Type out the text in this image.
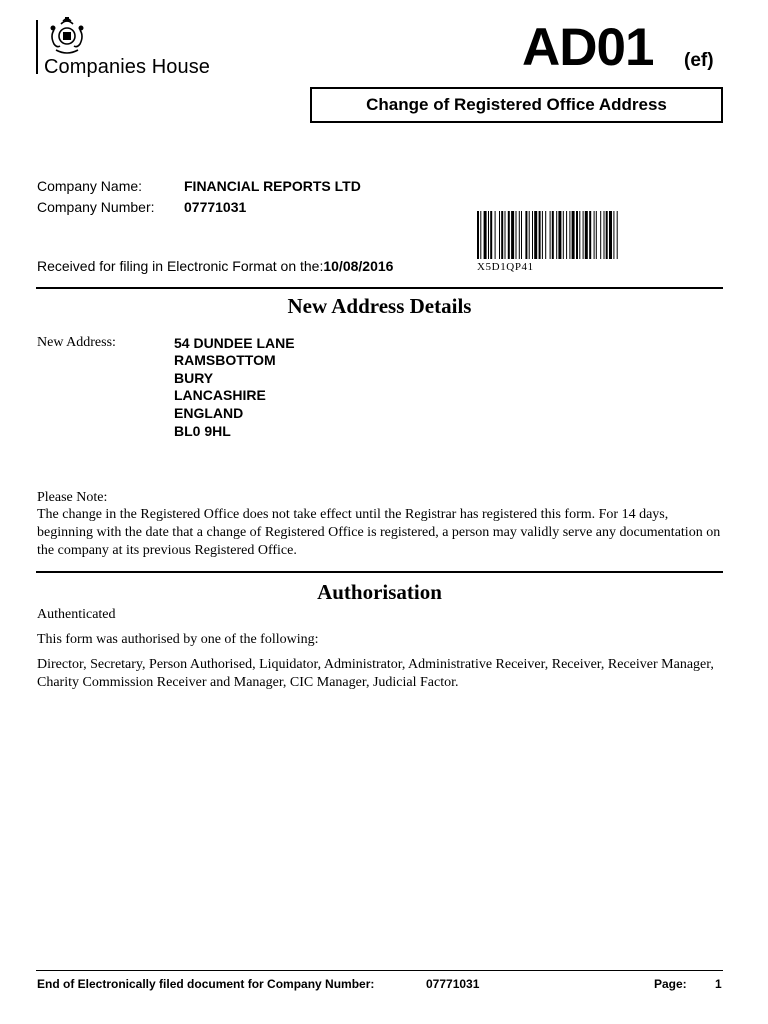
Companies House	AD01 (ef)
Change of Registered Office Address
Company Name:	FINANCIAL REPORTS LTD
Company Number: 07771031
Received for filing in Electronic Format on the:10/08/2016	X5D1QP41
New Address Details
New Address:	54 DUNDEE LANE
RAMSBOTTOM
BURY
LANCASHIRE
ENGLAND
BL0 9HL
Please Note:
The change in the Registered Office does not take effect until the Registrar has registered this form. For 14 days, beginning with the date that a change of Registered Office is registered, a person may validly serve any documentation on the company at its previous Registered Office.
Authorisation
Authenticated
This form was authorised by one of the following:
Director, Secretary, Person Authorised, Liquidator, Administrator, Administrative Receiver, Receiver, Receiver Manager, Charity Commission Receiver and Manager, CIC Manager, Judicial Factor.
End of Electronically filed document for Company Number:	07771031	Page: 1
